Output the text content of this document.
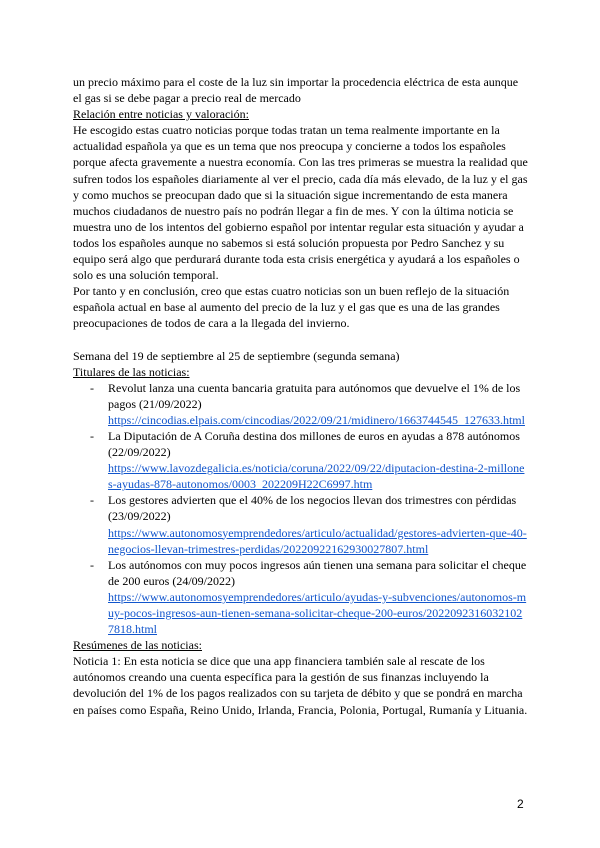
un precio máximo para el coste de la luz sin importar la procedencia eléctrica de esta aunque el gas si se debe pagar a precio real de mercado

Relación entre noticias y valoración:

He escogido estas cuatro noticias porque todas tratan un tema realmente importante en la actualidad española ya que es un tema que nos preocupa y concierne a todos los españoles porque afecta gravemente a nuestra economía. Con las tres primeras se muestra la realidad que sufren todos los españoles diariamente al ver el precio, cada día más elevado, de la luz y el gas y como muchos se preocupan dado que si la situación sigue incrementando de esta manera muchos ciudadanos de nuestro país no podrán llegar a fin de mes. Y con la última noticia se muestra uno de los intentos del gobierno español por intentar regular esta situación y ayudar a todos los españoles aunque no sabemos si está solución propuesta por Pedro Sanchez y su equipo será algo que perdurará durante toda esta crisis energética y ayudará a los españoles o solo es una solución temporal.

Por tanto y en conclusión, creo que estas cuatro noticias son un buen reflejo de la situación española actual en base al aumento del precio de la luz y el gas que es una de las grandes preocupaciones de todos de cara a la llegada del invierno.

Semana del 19 de septiembre al 25 de septiembre (segunda semana)

Titulares de las noticias:

- Revolut lanza una cuenta bancaria gratuita para autónomos que devuelve el 1% de los pagos (21/09/2022)
https://cincodias.elpais.com/cincodias/2022/09/21/midinero/1663744545_127633.html
- La Diputación de A Coruña destina dos millones de euros en ayudas a 878 autónomos (22/09/2022)
https://www.lavozdegalicia.es/noticia/coruna/2022/09/22/diputacion-destina-2-millones-ayudas-878-autonomos/0003_202209H22C6997.htm
- Los gestores advierten que el 40% de los negocios llevan dos trimestres con pérdidas (23/09/2022)
https://www.autonomosyemprendedores/articulo/actualidad/gestores-advierten-que-40-negocios-llevan-trimestres-perdidas/20220922162930027807.html
- Los autónomos con muy pocos ingresos aún tienen una semana para solicitar el cheque de 200 euros (24/09/2022)
https://www.autonomosyemprendedores/articulo/ayudas-y-subvenciones/autonomos-muy-pocos-ingresos-aun-tienen-semana-solicitar-cheque-200-euros/20220923160321027818.html

Resúmenes de las noticias:

Noticia 1: En esta noticia se dice que una app financiera también sale al rescate de los autónomos creando una cuenta específica para la gestión de sus finanzas incluyendo la devolución del 1% de los pagos realizados con su tarjeta de débito y que se pondrá en marcha en países como España, Reino Unido, Irlanda, Francia, Polonia, Portugal, Rumanía y Lituania.

2
